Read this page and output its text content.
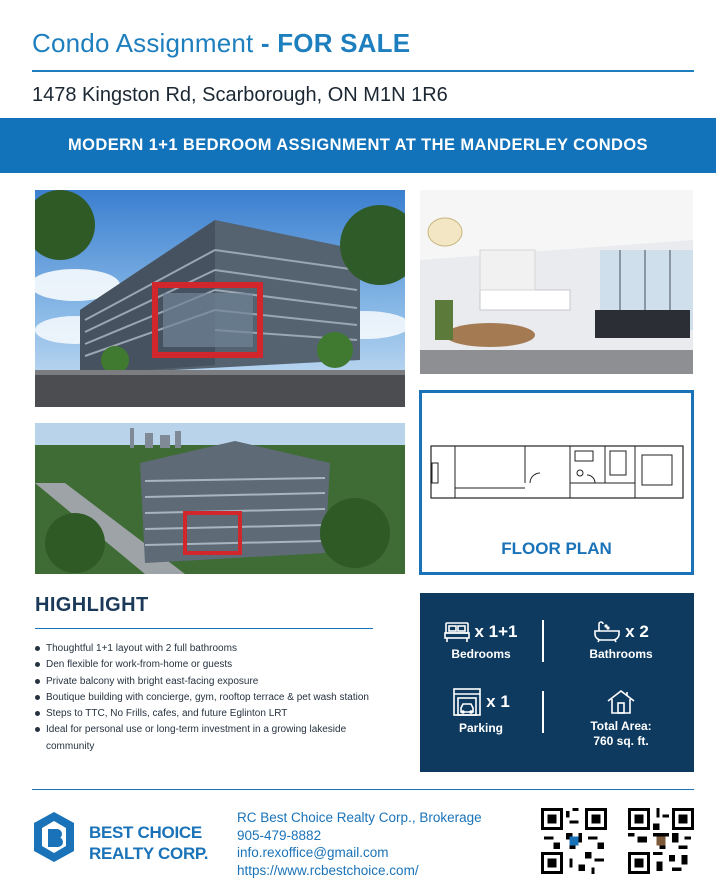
Condo Assignment - FOR SALE
1478 Kingston Rd, Scarborough, ON M1N 1R6
MODERN 1+1 BEDROOM ASSIGNMENT AT THE MANDERLEY CONDOS
FLOOR PLAN
HIGHLIGHT
Thoughtful 1+1 layout with 2 full bathrooms
Den flexible for work-from-home or guests
Private balcony with bright east-facing exposure
Boutique building with concierge, gym, rooftop terrace & pet wash station
Steps to TTC, No Frills, cafes, and future Eglinton LRT
Ideal for personal use or long-term investment in a growing lakeside community
x 1+1
Bedrooms
x 2
Bathrooms
x 1
Parking	Total Area:
760 sq. ft.
BEST CHOICE
REALTY CORP.
RC Best Choice Realty Corp., Brokerage
905-479-8882
info.rexoffice@gmail.com
https://www.rcbestchoice.com/
